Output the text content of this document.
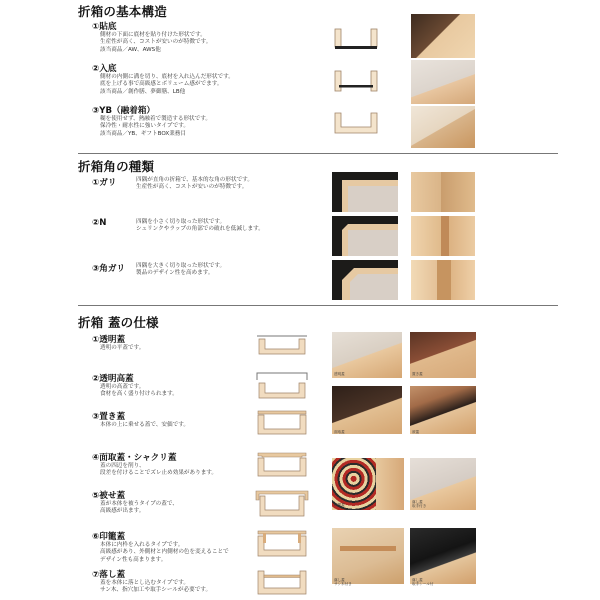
折箱の基本構造
①貼底
側材の下面に底材を貼り付けた形状です。
生産性が高く、コストが安いのが特徴です。
該当商品／AW、AWS他
②入底
側材の内側に溝を切り、底材を入れ込んだ形状です。
底を上げる事で高級感とボリューム感がでます。
該当商品／創作膳、夢御膳、LB他
③YB（融着箱）
糊を使用せず、熱融着で製造する形状です。
保冷性・耐水性に強いタイプです。
該当商品／YB、ギフトBOX業務目
折箱角の種類
①ガリ	四隅が直角の折箱で、基本的な角の形状です。
生産性が高く、コストが安いのが特徴です。
②N	四隅を小さく切り取った形状です。
シュリンクやラップの角部での破れを低減します。
③角ガリ 四隅を大きく切り取った形状です。
製品のデザイン性を高めます。
折箱 蓋の仕様
①透明蓋
透明の平蓋です。
②透明高蓋
透明の高蓋です。
食材を高く盛り付けられます。
③置き蓋
本体の上に乗せる蓋で、安価です。
④面取蓋・シャクリ蓋
蓋の四辺を削り、
段差を付けることでズレ止め効果があります。
⑤被せ蓋
蓋が本体を被うタイプの蓋で、
高級感が出ます。
⑥印籠蓋
本体に内枠を入れるタイプです。
高級感があり、外側材と内側材の色を変えることで
デザイン性も高まります。
⑦落し蓋
蓋を本体に落とし込むタイプです。
サン木、指穴加工や取手シールが必要です。
透明蓋	置き蓋
面取蓋	被蓋
印籠蓋
落し蓋
取手付き
落し蓋
サン木付き
落し蓋
取手シール付
